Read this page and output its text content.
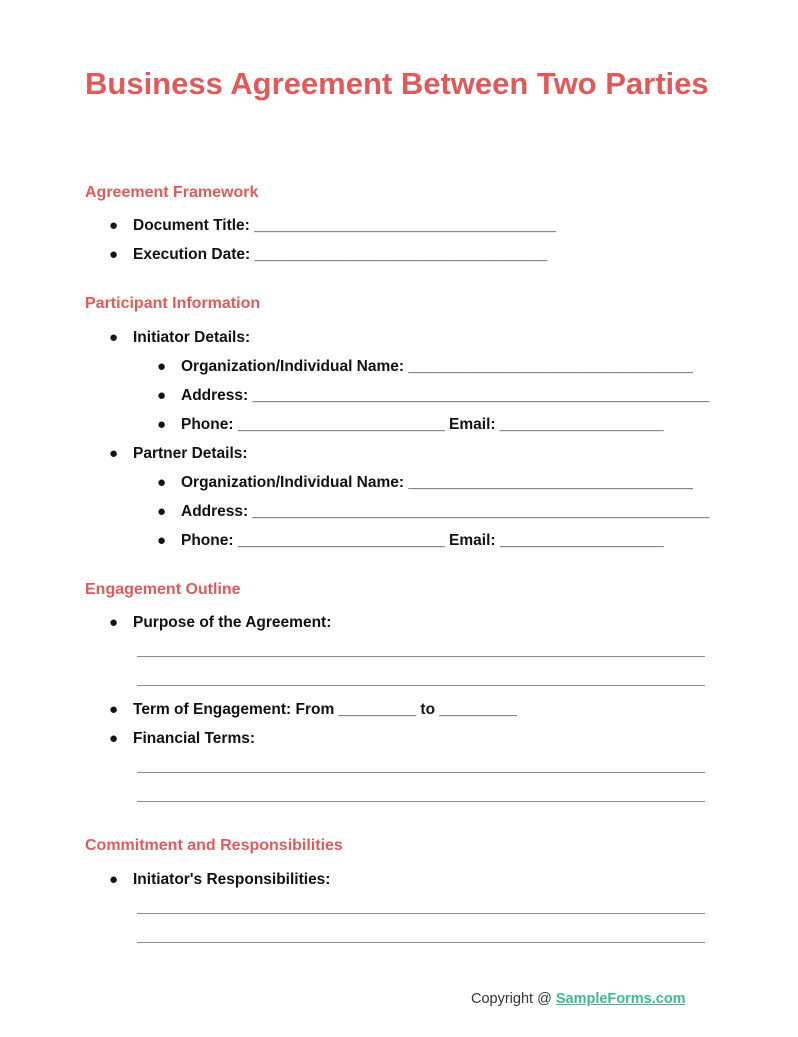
Business Agreement Between Two Parties
Agreement Framework
● Document Title: ___________________________________
● Execution Date: __________________________________
Participant Information
● Initiator Details:
● Organization/Individual Name: _________________________________
● Address: _____________________________________________________
● Phone: ________________________ Email: ___________________
● Partner Details:
● Organization/Individual Name: _________________________________
● Address: _____________________________________________________
● Phone: ________________________ Email: ___________________
Engagement Outline
● Purpose of the Agreement:
● Term of Engagement: From _________ to _________
● Financial Terms:
Commitment and Responsibilities
● Initiator's Responsibilities:
Copyright @ SampleForms.com
